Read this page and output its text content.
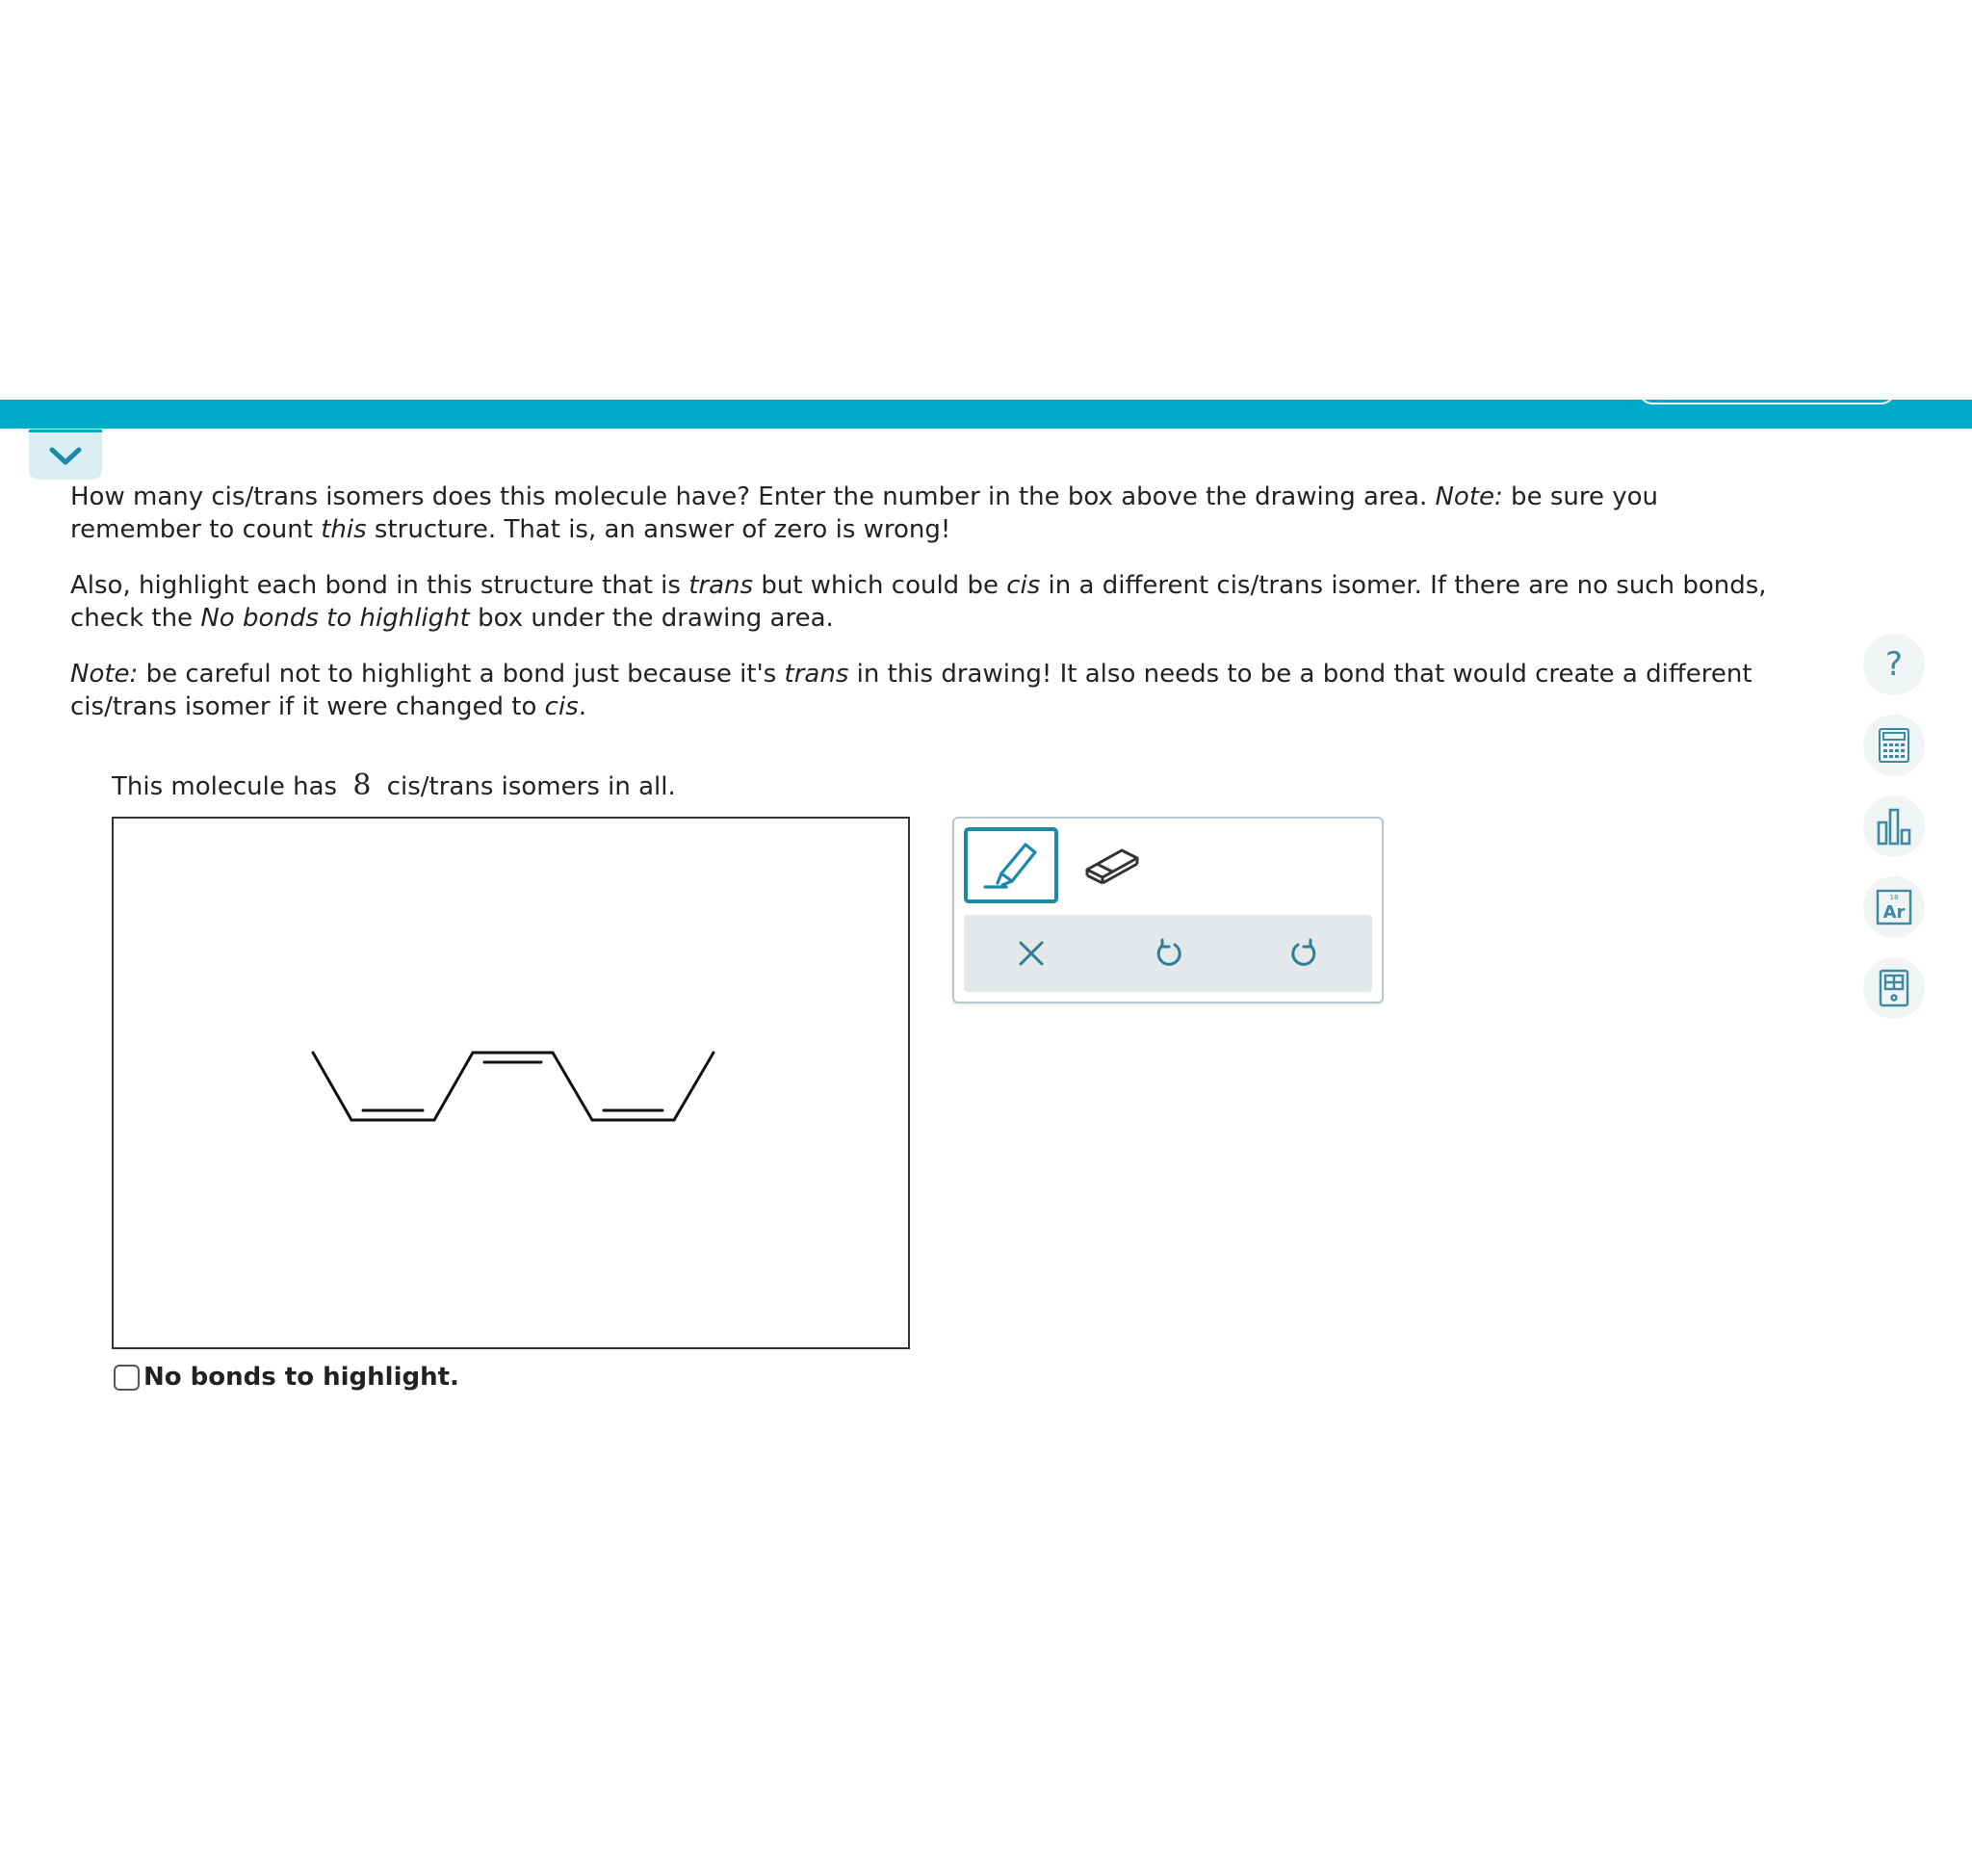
How many cis/trans isomers does this molecule have? Enter the number in the box above the drawing area. Note: be sure you remember to count this structure. That is, an answer of zero is wrong!

Also, highlight each bond in this structure that is trans but which could be cis in a different cis/trans isomer. If there are no such bonds, check the No bonds to highlight box under the drawing area.

Note: be careful not to highlight a bond just because it's trans in this drawing! It also needs to be a bond that would create a different cis/trans isomer if it were changed to cis.

This molecule has 8 cis/trans isomers in all.
No bonds to highlight.
?
18
Ar
